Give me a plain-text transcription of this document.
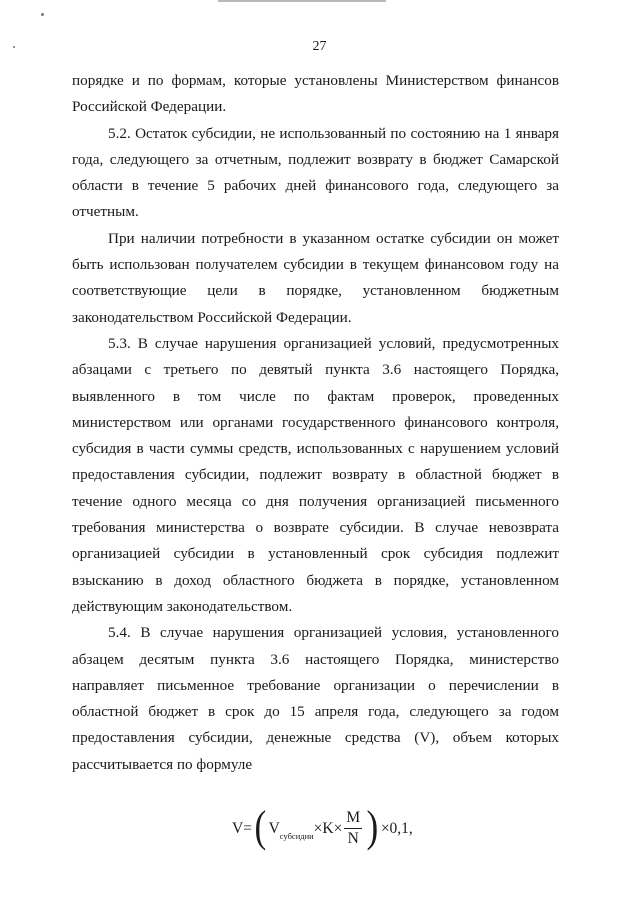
27

порядке и по формам, которые установлены Министерством финансов Российской Федерации.

5.2. Остаток субсидии, не использованный по состоянию на 1 января года, следующего за отчетным, подлежит возврату в бюджет Самарской области в течение 5 рабочих дней финансового года, следующего за отчетным.

При наличии потребности в указанном остатке субсидии он может быть использован получателем субсидии в текущем финансовом году на соответствующие цели в порядке, установленном бюджетным законодательством Российской Федерации.

5.3. В случае нарушения организацией условий, предусмотренных абзацами с третьего по девятый пункта 3.6 настоящего Порядка, выявленного в том числе по фактам проверок, проведенных министерством или органами государственного финансового контроля, субсидия в части суммы средств, использованных с нарушением условий предоставления субсидии, подлежит возврату в областной бюджет в течение одного месяца со дня получения организацией письменного требования министерства о возврате субсидии. В случае невозврата организацией субсидии в установленный срок субсидия подлежит взысканию в доход областного бюджета в порядке, установленном действующим законодательством.

5.4. В случае нарушения организацией условия, установленного абзацем десятым пункта 3.6 настоящего Порядка, министерство направляет письменное требование организации о перечислении в областной бюджет в срок до 15 апреля года, следующего за годом предоставления субсидии, денежные средства (V), объем которых рассчитывается по формуле

V= ( V субсидии $\times K\times \frac{M}{N}$ ) ×0,1,
